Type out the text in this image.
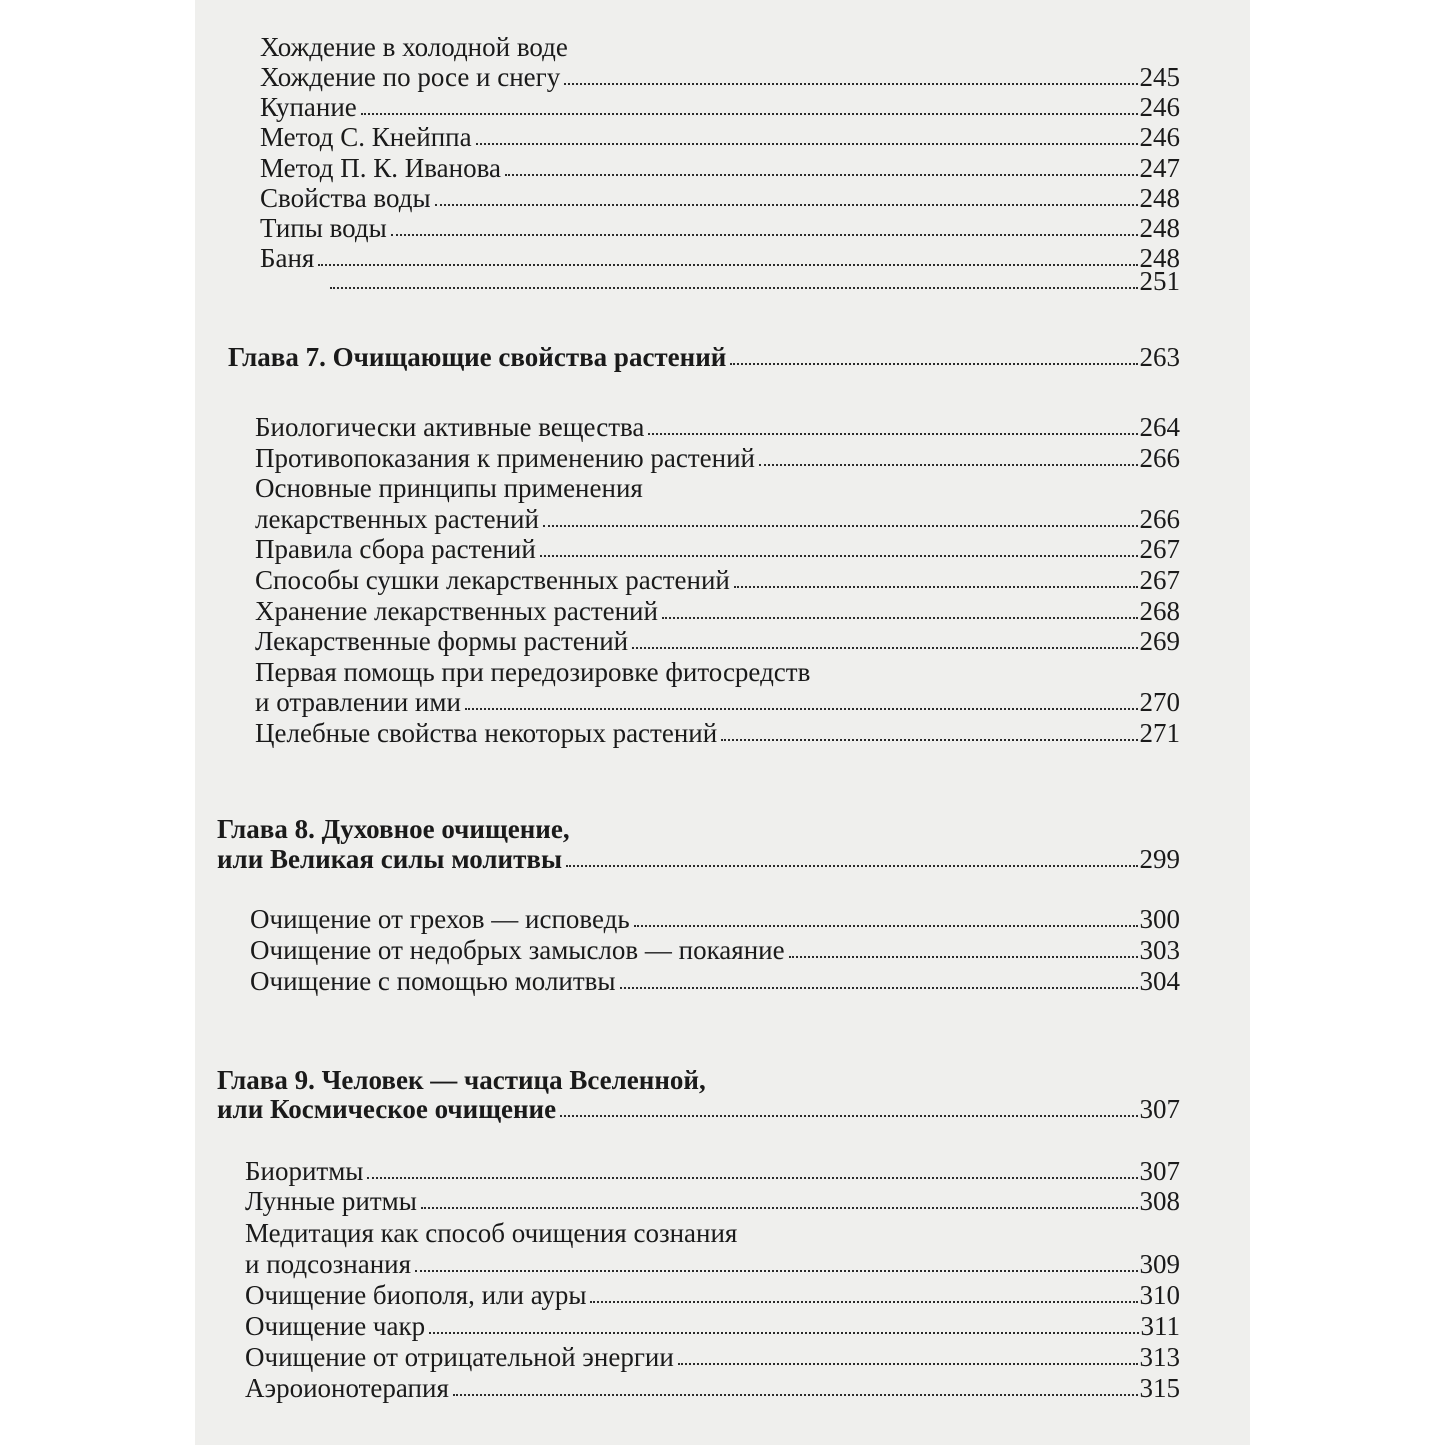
Хождение в холодной воде
Хождение по росе и снегу	245
Купание	246
Метод С. Кнейппа	246
Метод П. К. Иванова	247
Свойства воды	248
Типы воды	248
Баня	248
251
Глава 7. Очищающие свойства растений	263
Биологически активные вещества	264
Противопоказания к применению растений	266
Основные принципы применения
лекарственных растений	266
Правила сбора растений	267
Способы сушки лекарственных растений	267
Хранение лекарственных растений	268
Лекарственные формы растений	269
Первая помощь при передозировке фитосредств
и отравлении ими	270
Целебные свойства некоторых растений	271
Глава 8. Духовное очищение,
или Великая силы молитвы	299
Очищение от грехов — исповедь	300
Очищение от недобрых замыслов — покаяние	303
Очищение с помощью молитвы	304
Глава 9. Человек — частица Вселенной,
или Космическое очищение	307
Биоритмы	307
Лунные ритмы	308
Медитация как способ очищения сознания
и подсознания	309
Очищение биополя, или ауры	310
Очищение чакр	311
Очищение от отрицательной энергии	313
Аэроионотерапия	315
